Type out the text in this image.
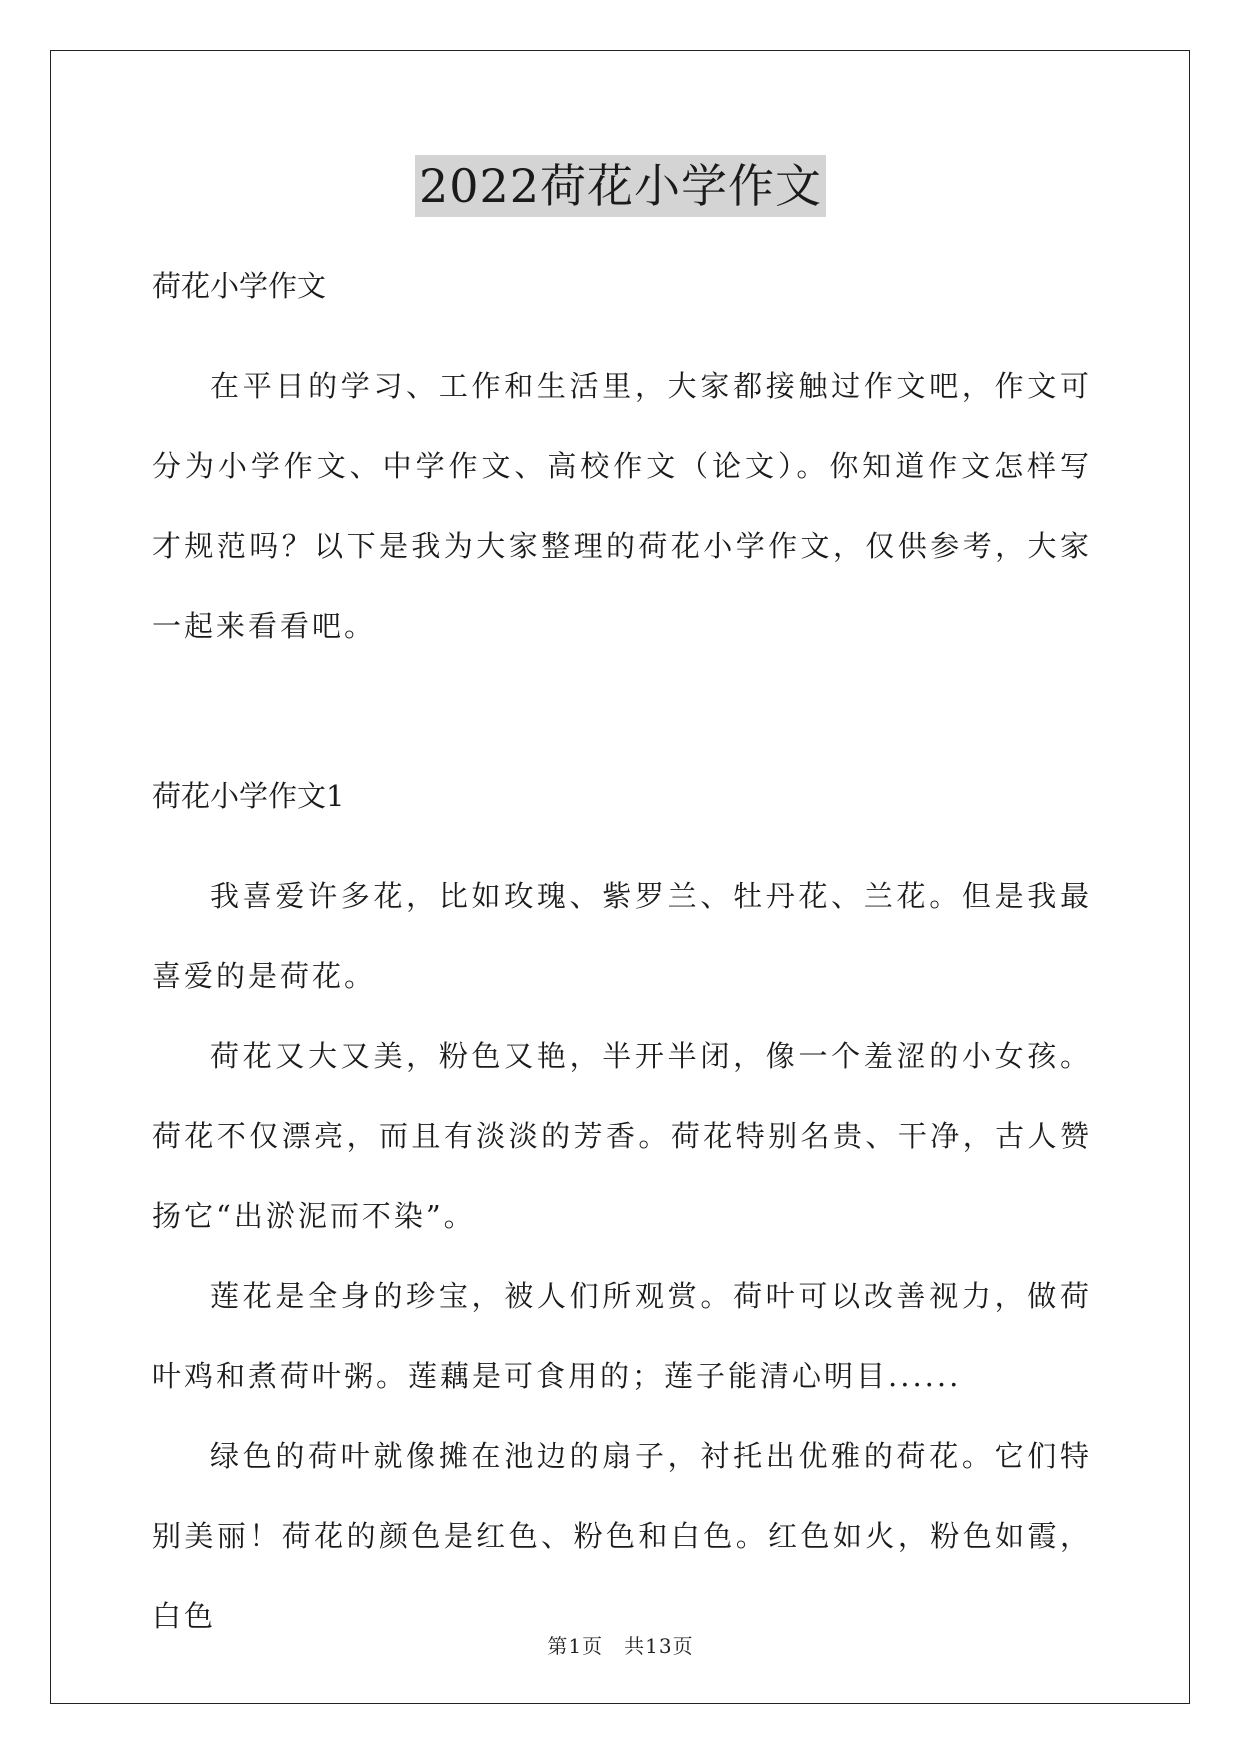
2022荷花小学作文

荷花小学作文

在平日的学习、工作和生活里，大家都接触过作文吧，作文可分为小学作文、中学作文、高校作文（论文）。你知道作文怎样写才规范吗？以下是我为大家整理的荷花小学作文，仅供参考，大家一起来看看吧。

荷花小学作文1

我喜爱许多花，比如玫瑰、紫罗兰、牡丹花、兰花。但是我最喜爱的是荷花。

荷花又大又美，粉色又艳，半开半闭，像一个羞涩的小女孩。荷花不仅漂亮，而且有淡淡的芳香。荷花特别名贵、干净，古人赞扬它“出淤泥而不染”。

莲花是全身的珍宝，被人们所观赏。荷叶可以改善视力，做荷叶鸡和煮荷叶粥。莲藕是可食用的；莲子能清心明目......

绿色的荷叶就像摊在池边的扇子，衬托出优雅的荷花。它们特别美丽！荷花的颜色是红色、粉色和白色。红色如火，粉色如霞，白色

第1页　共13页
